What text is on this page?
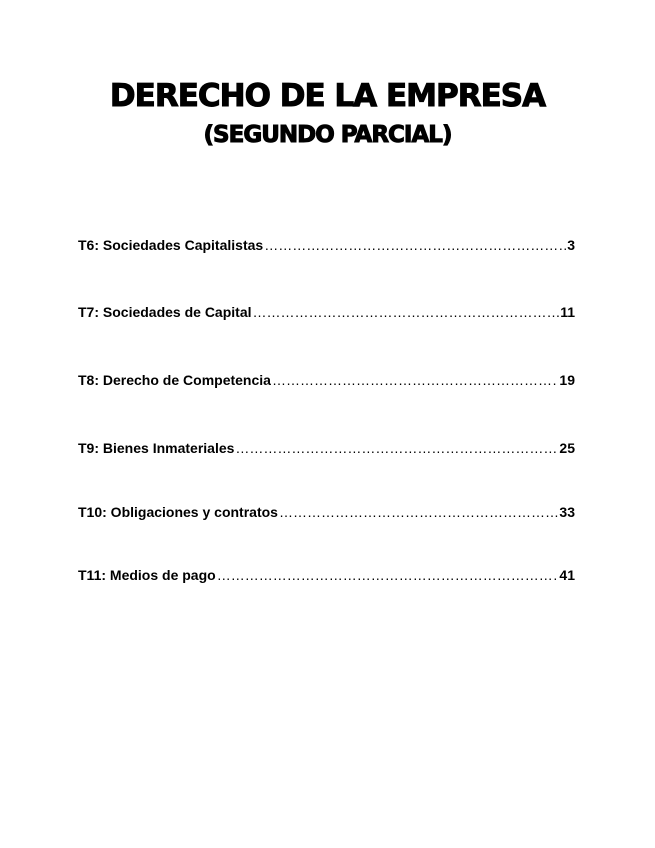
DERECHO DE LA EMPRESA
(SEGUNDO PARCIAL)
T6: Sociedades Capitalistas ……………………………………………………………………………………………………………………………………………	3
T7: Sociedades de Capital ……………………………………………………………………………………………………………………………………………	11
T8: Derecho de Competencia ……………………………………………………………………………………………………………………………………………	19
T9: Bienes Inmateriales ……………………………………………………………………………………………………………………………………………	25
T10: Obligaciones y contratos ……………………………………………………………………………………………………………………………………………	33
T11: Medios de pago ……………………………………………………………………………………………………………………………………………	41
